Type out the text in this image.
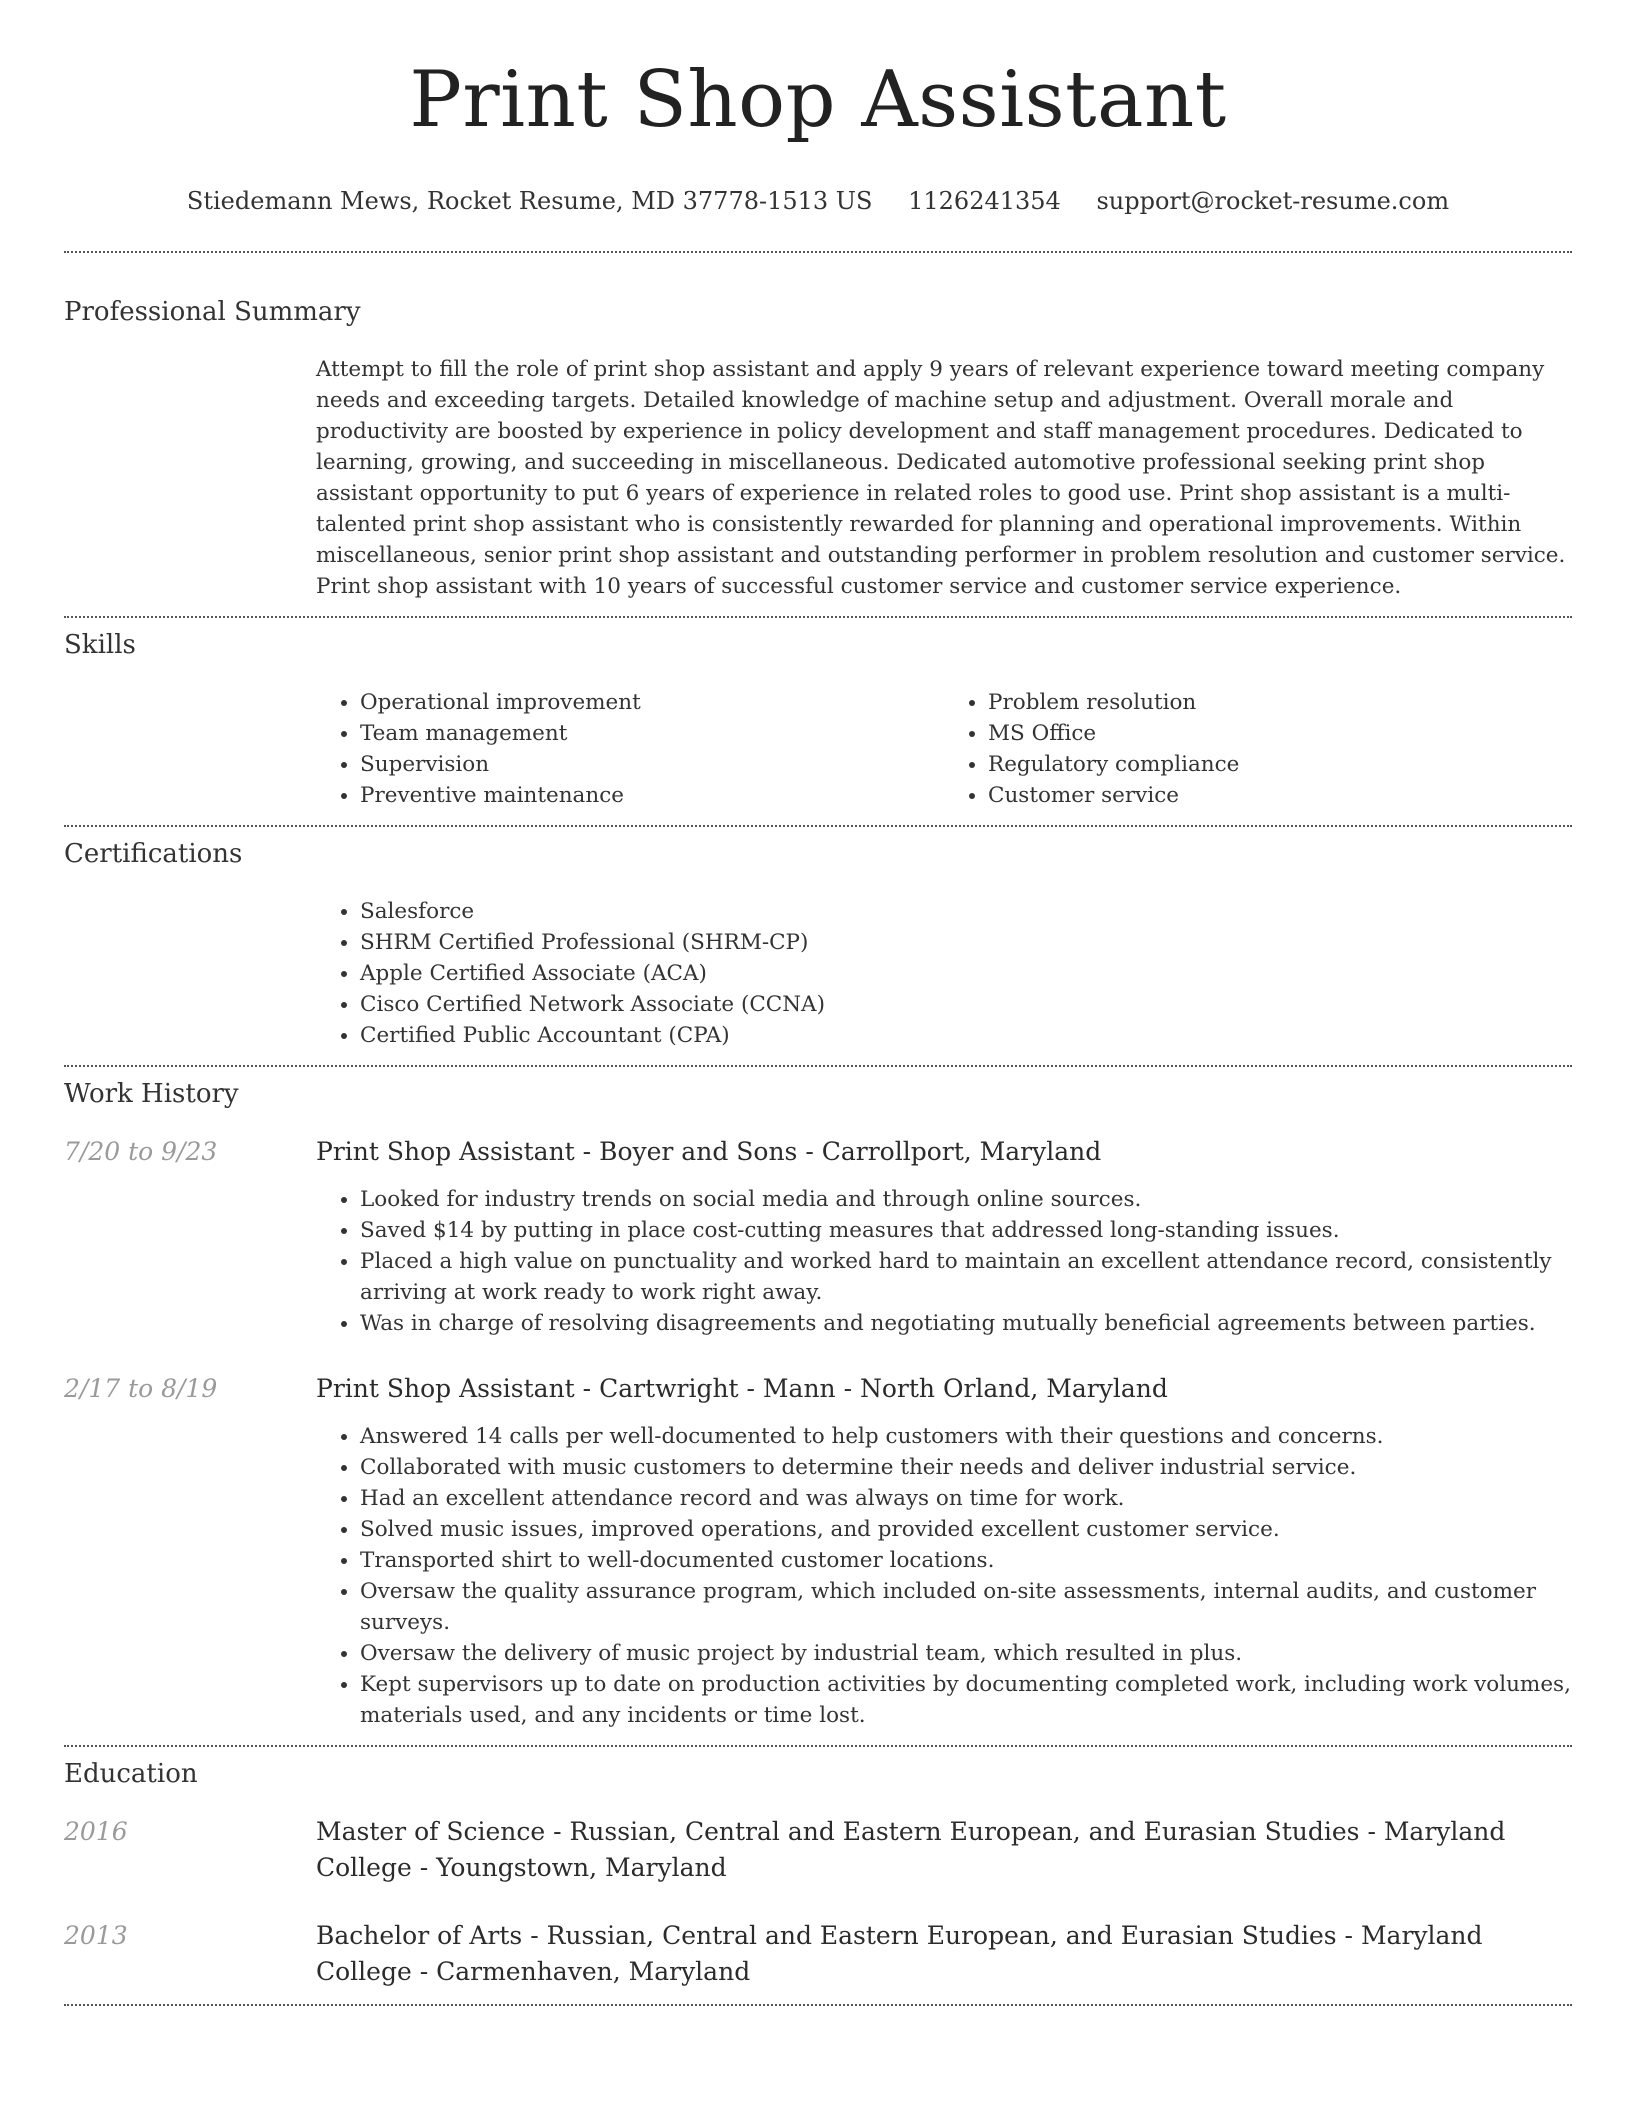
Print Shop Assistant
Stiedemann Mews, Rocket Resume, MD 37778-1513 US 1126241354 support@rocket-resume.com
Professional Summary
Attempt to fill the role of print shop assistant and apply 9 years of relevant experience toward meeting company needs and exceeding targets. Detailed knowledge of machine setup and adjustment. Overall morale and productivity are boosted by experience in policy development and staff management procedures. Dedicated to learning, growing, and succeeding in miscellaneous. Dedicated automotive professional seeking print shop assistant opportunity to put 6 years of experience in related roles to good use. Print shop assistant is a multi-talented print shop assistant who is consistently rewarded for planning and operational improvements. Within miscellaneous, senior print shop assistant and outstanding performer in problem resolution and customer service. Print shop assistant with 10 years of successful customer service and customer service experience.
Skills
• Operational improvement
• Team management
• Supervision
• Preventive maintenance
• Problem resolution
• MS Office
• Regulatory compliance
• Customer service
Certifications
• Salesforce
• SHRM Certified Professional (SHRM-CP)
• Apple Certified Associate (ACA)
• Cisco Certified Network Associate (CCNA)
• Certified Public Accountant (CPA)
Work History
7/20 to 9/23	Print Shop Assistant - Boyer and Sons - Carrollport, Maryland
• Looked for industry trends on social media and through online sources.
• Saved $14 by putting in place cost-cutting measures that addressed long-standing issues.
• Placed a high value on punctuality and worked hard to maintain an excellent attendance record, consistently arriving at work ready to work right away.
• Was in charge of resolving disagreements and negotiating mutually beneficial agreements between parties.
2/17 to 8/19	Print Shop Assistant - Cartwright - Mann - North Orland, Maryland
• Answered 14 calls per well-documented to help customers with their questions and concerns.
• Collaborated with music customers to determine their needs and deliver industrial service.
• Had an excellent attendance record and was always on time for work.
• Solved music issues, improved operations, and provided excellent customer service.
• Transported shirt to well-documented customer locations.
• Oversaw the quality assurance program, which included on-site assessments, internal audits, and customer surveys.
• Oversaw the delivery of music project by industrial team, which resulted in plus.
• Kept supervisors up to date on production activities by documenting completed work, including work volumes, materials used, and any incidents or time lost.
Education
2016	Master of Science - Russian, Central and Eastern European, and Eurasian Studies - Maryland College - Youngstown, Maryland
2013	Bachelor of Arts - Russian, Central and Eastern European, and Eurasian Studies - Maryland College - Carmenhaven, Maryland
